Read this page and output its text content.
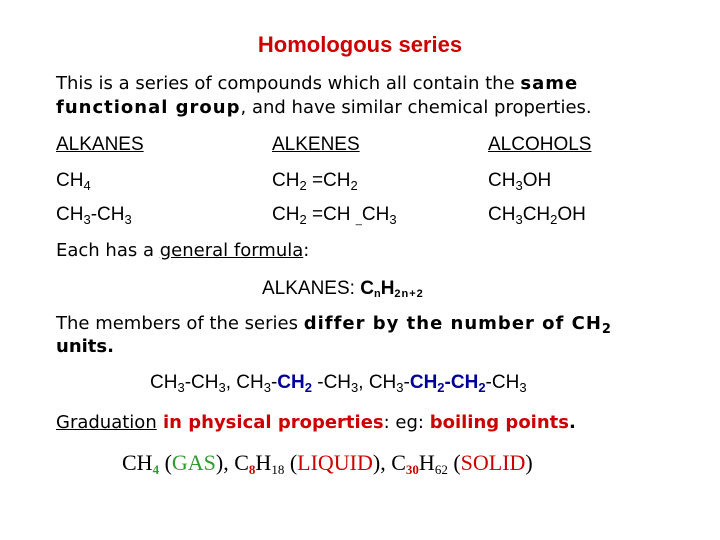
Homologous series
This is a series of compounds which all contain the same functional group, and have similar chemical properties.
ALKANES	ALKENES	ALCOHOLS
$CH_4$	$CH_2 =CH_2$	$CH_3OH$
$CH_3-CH_3$	$CH_2 =CH$ $\_CH_3$	$CH_3CH_2OH$
Each has a general formula:
ALKANES: CnH2n+2
The members of the series differ by the number of $CH_2$
units.
$CH_3-CH_3$, $CH_3-CH_2$ $-CH_3$, $CH_3-CH_2-CH_2-CH_3$
Graduation in physical properties: eg: boiling points.
$CH_4$ (GAS), $C_8H_{18}$ (LIQUID), $C_{30}H_{62}$ (SOLID)
